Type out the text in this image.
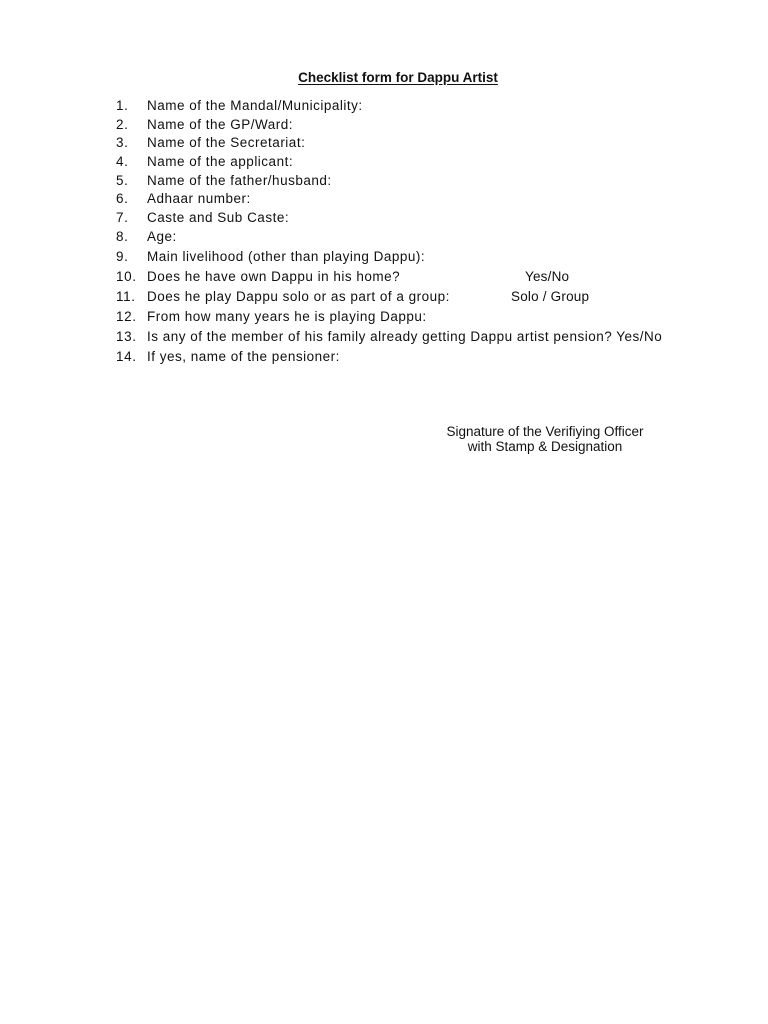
Checklist form for Dappu Artist
1. Name of the Mandal/Municipality:
2. Name of the GP/Ward:
3. Name of the Secretariat:
4. Name of the applicant:
5. Name of the father/husband:
6. Adhaar number:
7. Caste and Sub Caste:
8. Age:
9. Main livelihood (other than playing Dappu):
10. Does he have own Dappu in his home?	Yes/No
11. Does he play Dappu solo or as part of a group:	Solo / Group
12. From how many years he is playing Dappu:
13. Is any of the member of his family already getting Dappu artist pension? Yes/No
14. If yes, name of the pensioner:
Signature of the Verifiying Officer
with Stamp & Designation
